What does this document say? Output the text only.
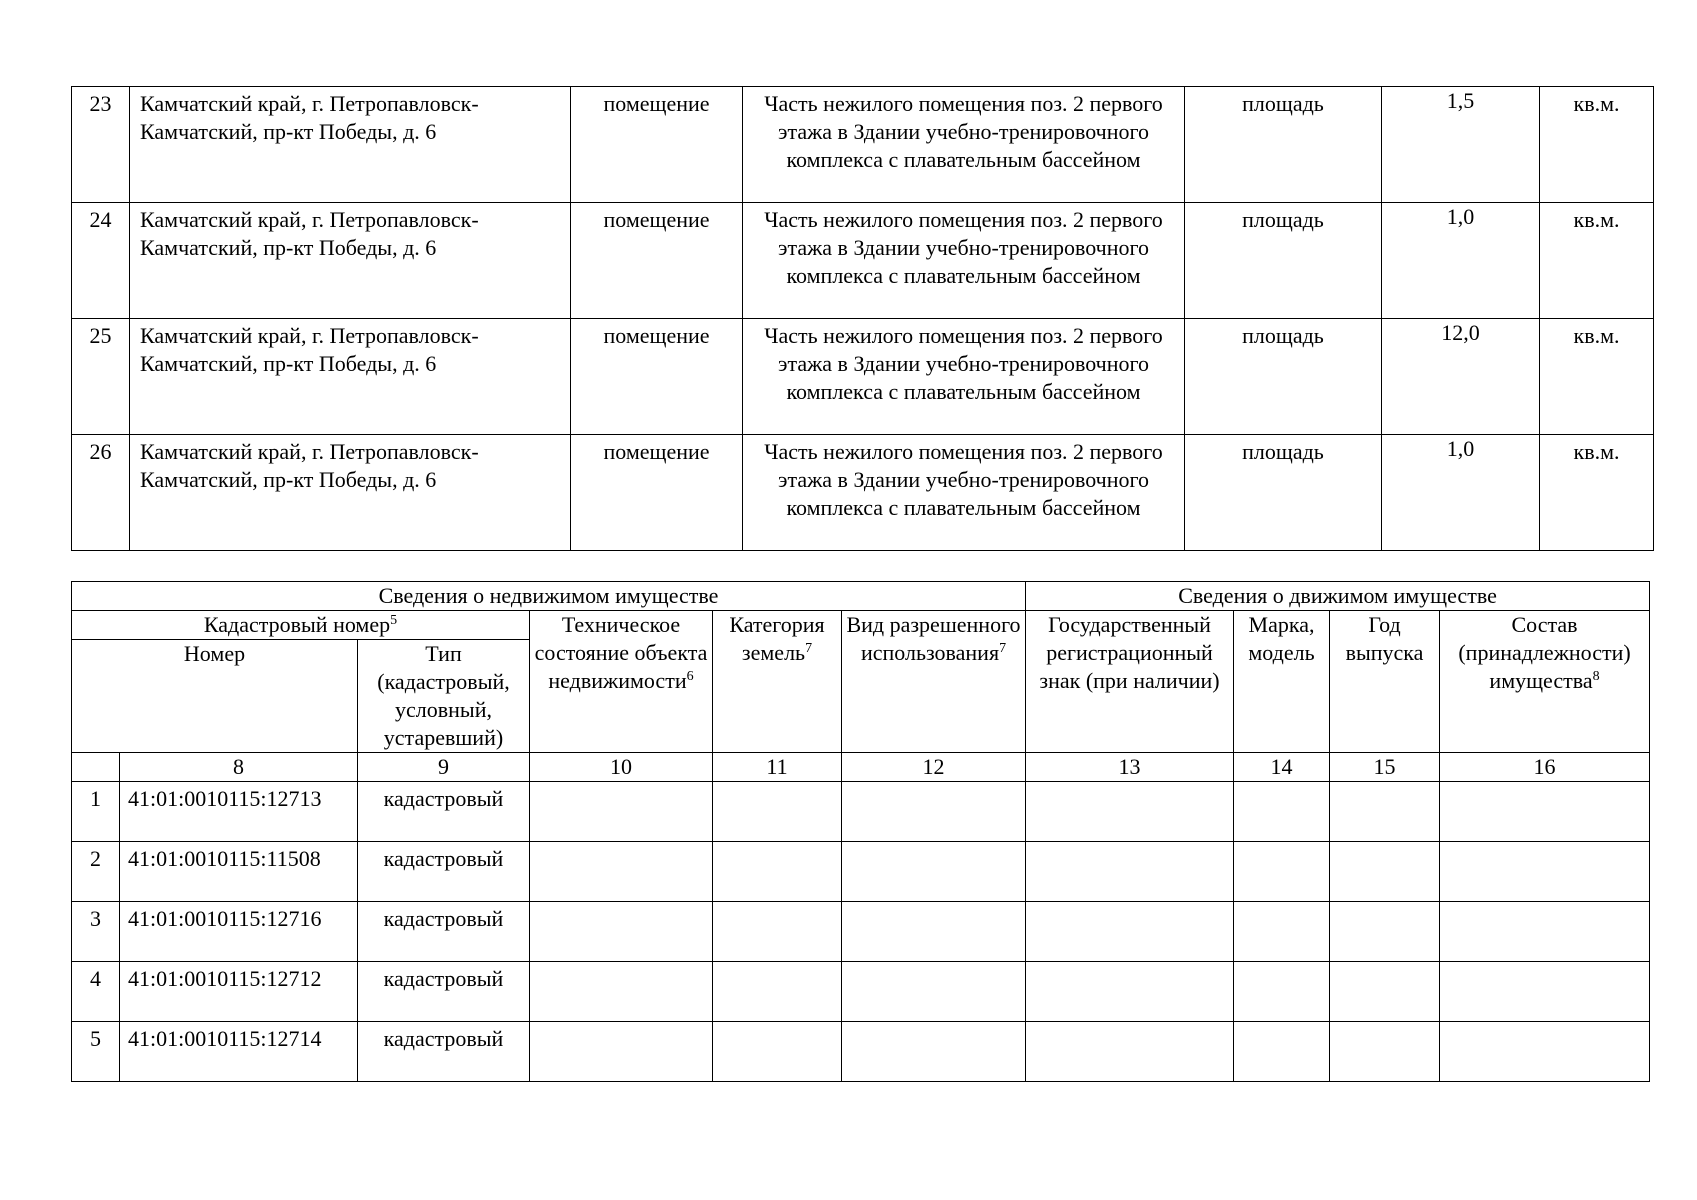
23	Камчатский край, г. Петропавловск-Камчатский, пр-кт Победы, д. 6	помещение	Часть нежилого помещения поз. 2 первого этажа в Здании учебно-тренировочного комплекса с плавательным бассейном	площадь	1,5	кв.м.
24	Камчатский край, г. Петропавловск-Камчатский, пр-кт Победы, д. 6	помещение	Часть нежилого помещения поз. 2 первого этажа в Здании учебно-тренировочного комплекса с плавательным бассейном	площадь	1,0	кв.м.
25	Камчатский край, г. Петропавловск-Камчатский, пр-кт Победы, д. 6	помещение	Часть нежилого помещения поз. 2 первого этажа в Здании учебно-тренировочного комплекса с плавательным бассейном	площадь	12,0	кв.м.
26	Камчатский край, г. Петропавловск-Камчатский, пр-кт Победы, д. 6	помещение	Часть нежилого помещения поз. 2 первого этажа в Здании учебно-тренировочного комплекса с плавательным бассейном	площадь	1,0	кв.м.
Сведения о недвижимом имуществе						Сведения о движимом имуществе			
Кадастровый номер$^5$			Техническое состояние объекта недвижимости$^6$	Категория земель$^7$	Вид разрешенного использования$^7$	Государственный регистрационный знак (при наличии)	Марка, модель	Год выпуска	Состав (принадлежности) имущества$^8$
Номер		Тип (кадастровый, условный, устаревший)							
	8	9	10	11	12	13	14	15	16
1	41:01:0010115:12713	кадастровый							
2	41:01:0010115:11508	кадастровый							
3	41:01:0010115:12716	кадастровый							
4	41:01:0010115:12712	кадастровый							
5	41:01:0010115:12714	кадастровый							
